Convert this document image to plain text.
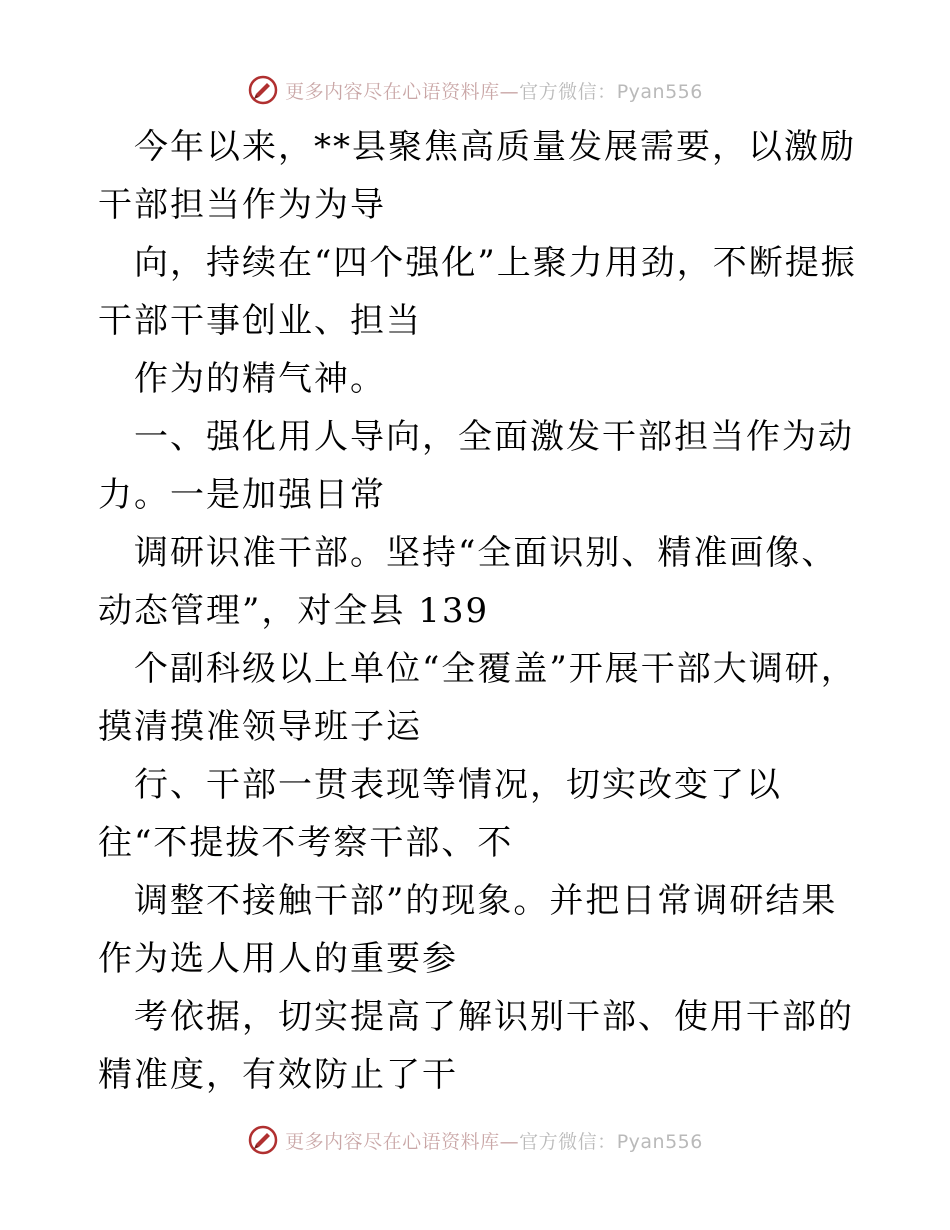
更多内容尽在心语资料库—官方微信：Pyan556

今年以来，**县聚焦高质量发展需要，以激励干部担当作为为导

向，持续在“四个强化”上聚力用劲，不断提振干部干事创业、担当

作为的精气神。

一、强化用人导向，全面激发干部担当作为动力。一是加强日常

调研识准干部。坚持“全面识别、精准画像、动态管理”，对全县 139

个副科级以上单位“全覆盖”开展干部大调研，摸清摸准领导班子运

行、干部一贯表现等情况，切实改变了以往“不提拔不考察干部、不

调整不接触干部”的现象。并把日常调研结果作为选人用人的重要参

考依据，切实提高了解识别干部、使用干部的精准度，有效防止了干

更多内容尽在心语资料库—官方微信：Pyan556
